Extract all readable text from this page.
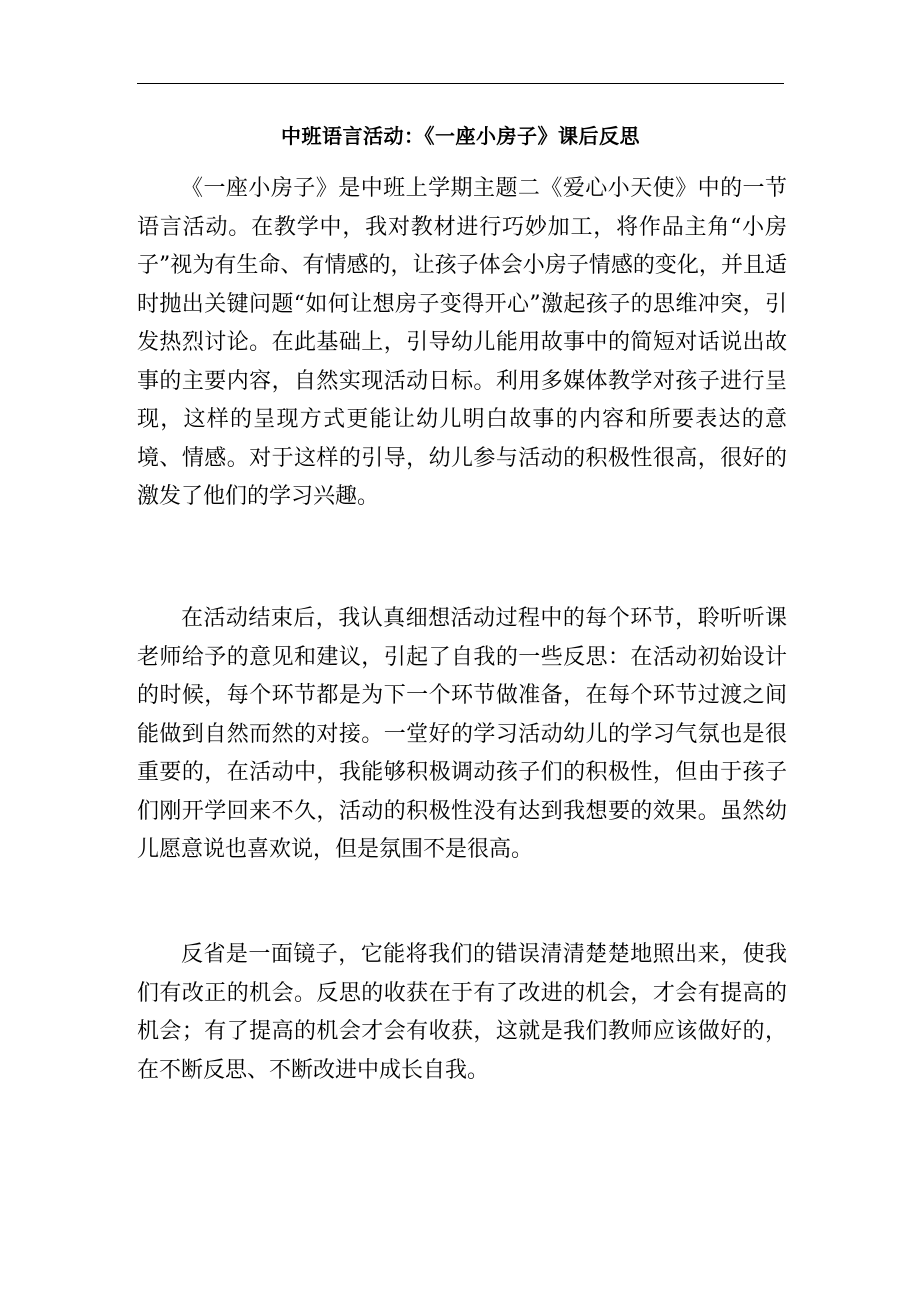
中班语言活动：《一座小房子》课后反思

《一座小房子》是中班上学期主题二《爱心小天使》中的一节语言活动。在教学中，我对教材进行巧妙加工，将作品主角“小房子”视为有生命、有情感的，让孩子体会小房子情感的变化，并且适时抛出关键问题“如何让想房子变得开心”激起孩子的思维冲突，引发热烈讨论。在此基础上，引导幼儿能用故事中的简短对话说出故事的主要内容，自然实现活动日标。利用多媒体教学对孩子进行呈现，这样的呈现方式更能让幼儿明白故事的内容和所要表达的意境、情感。对于这样的引导，幼儿参与活动的积极性很高，很好的激发了他们的学习兴趣。

在活动结束后，我认真细想活动过程中的每个环节，聆听听课老师给予的意见和建议，引起了自我的一些反思：在活动初始设计的时候，每个环节都是为下一个环节做准备，在每个环节过渡之间能做到自然而然的对接。一堂好的学习活动幼儿的学习气氛也是很重要的，在活动中，我能够积极调动孩子们的积极性，但由于孩子们刚开学回来不久，活动的积极性没有达到我想要的效果。虽然幼儿愿意说也喜欢说，但是氛围不是很高。

反省是一面镜子，它能将我们的错误清清楚楚地照出来，使我们有改正的机会。反思的收获在于有了改进的机会，才会有提高的机会；有了提高的机会才会有收获，这就是我们教师应该做好的，在不断反思、不断改进中成长自我。
